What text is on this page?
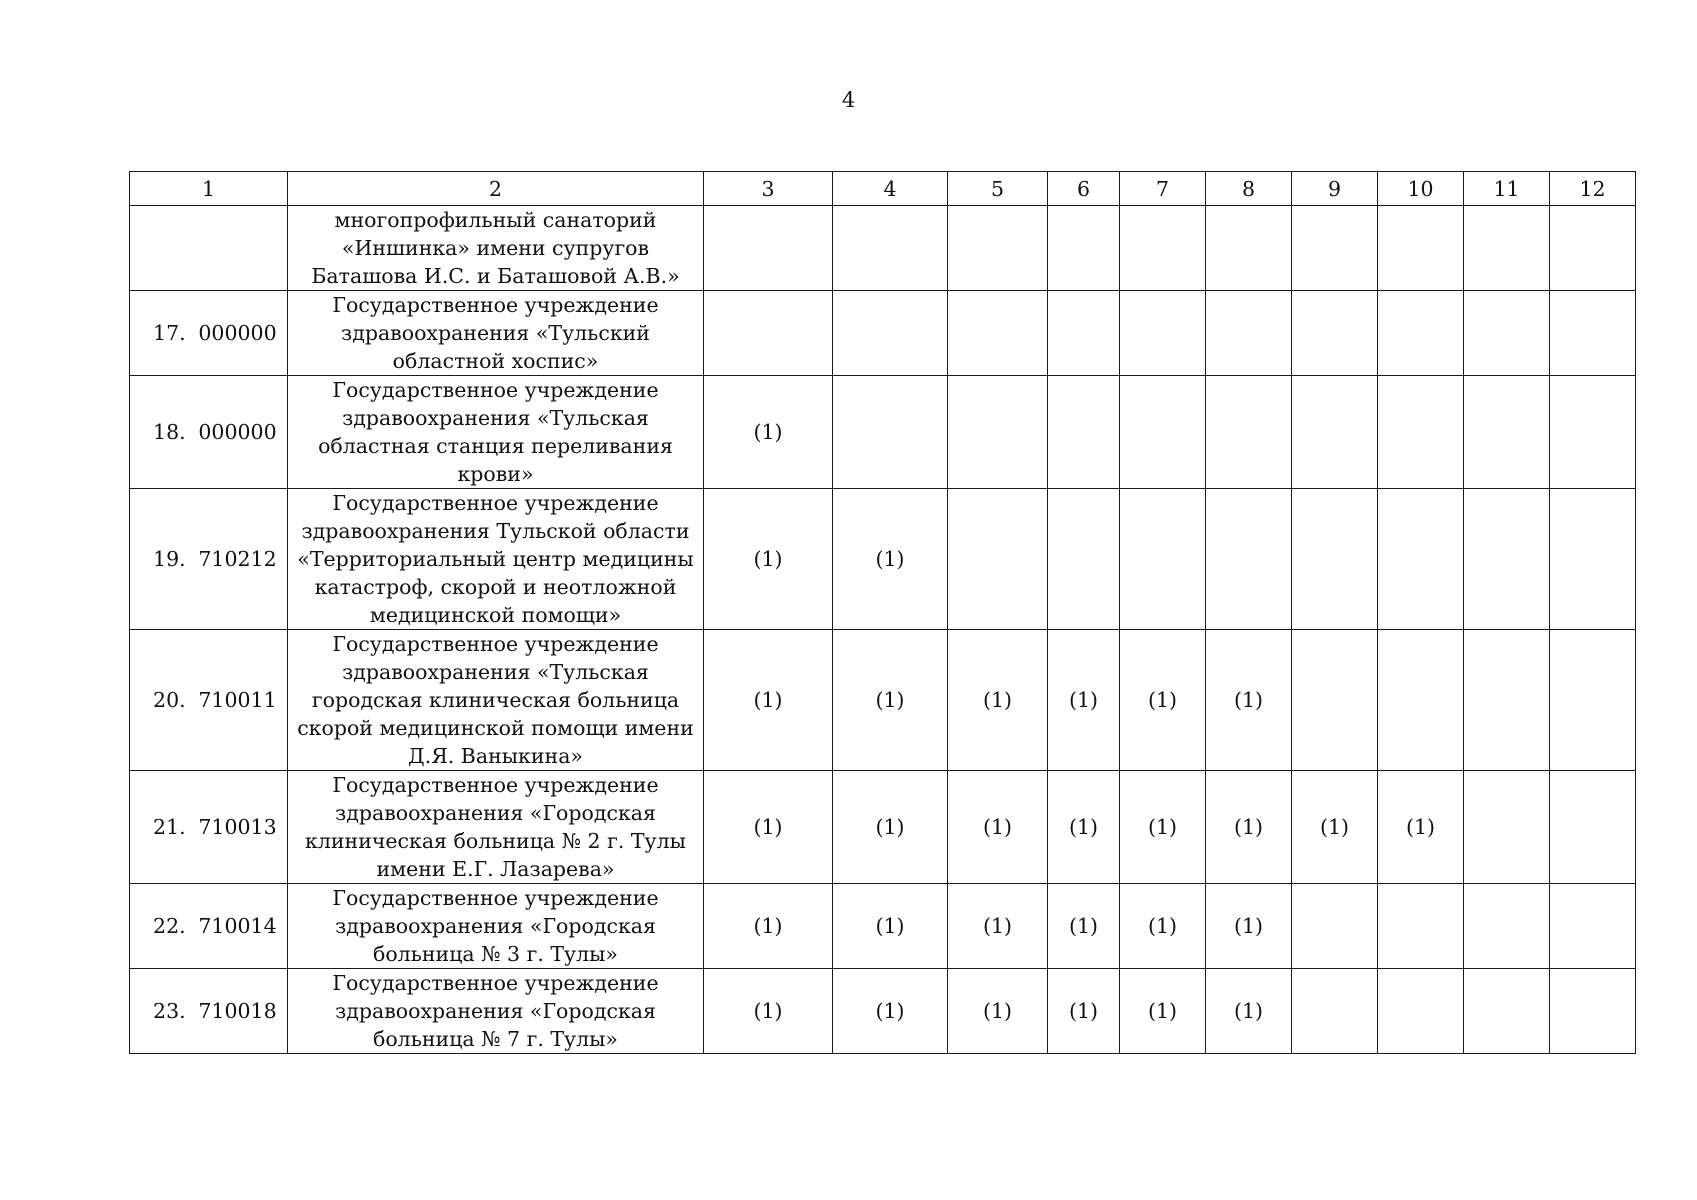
4
1	2	3	4	5	6	7	8	9	10	11	12

	многопрофильный санаторий
«Иншинка» имени супругов
Баташова И.С. и Баташовой А.В.»										

17. 000000	Государственное учреждение
здравоохранения «Тульский
областной хоспис»										

18. 000000	Государственное учреждение
здравоохранения «Тульская
областная станция переливания
крови»	(1)									
19. 710212	Государственное учреждение
здравоохранения Тульской области
«Территориальный центр медицины
катастроф, скорой и неотложной
медицинской помощи»	(1)	(1)								
20. 710011	Государственное учреждение
здравоохранения «Тульская
городская клиническая больница
скорой медицинской помощи имени
Д.Я. Ваныкина»	(1)	(1)	(1)	(1)	(1)	(1)				
21. 710013	Государственное учреждение
здравоохранения «Городская
клиническая больница № 2 г. Тулы
имени Е.Г. Лазарева»	(1)	(1)	(1)	(1)	(1)	(1)	(1)	(1)		
22. 710014	Государственное учреждение
здравоохранения «Городская
больница № 3 г. Тулы»	(1)	(1)	(1)	(1)	(1)	(1)				
23. 710018	Государственное учреждение
здравоохранения «Городская
больница № 7 г. Тулы»	(1)	(1)	(1)	(1)	(1)	(1)				
